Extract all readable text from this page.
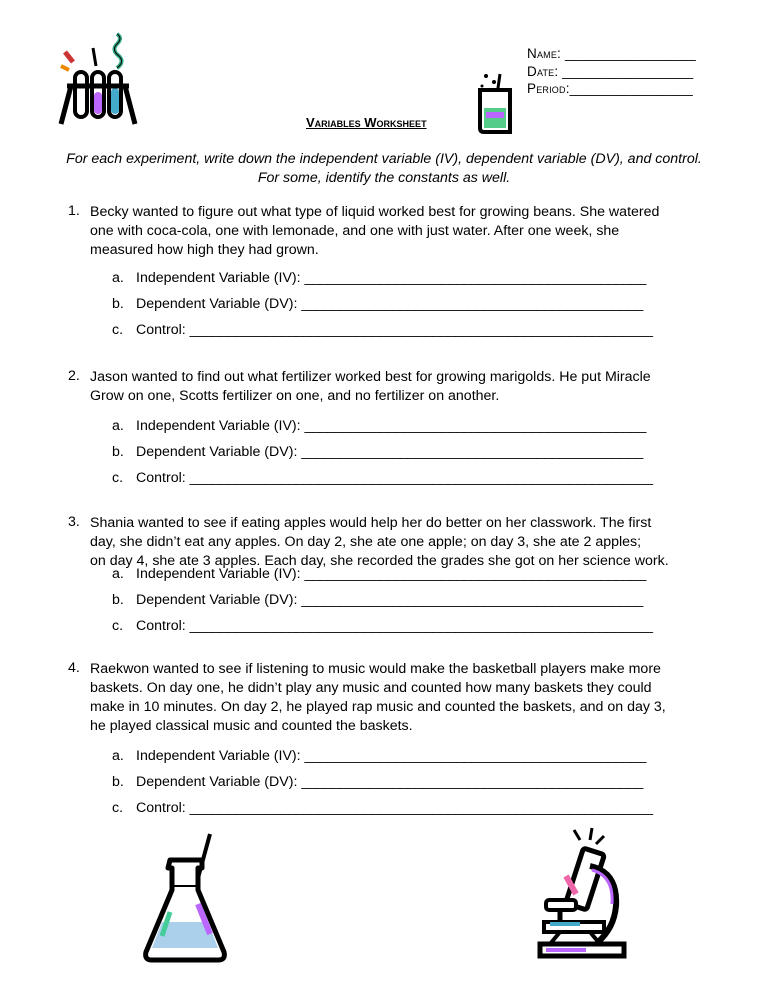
Name: _________________
Date: _________________
Period:________________
Variables Worksheet
For each experiment, write down the independent variable (IV), dependent variable (DV), and control.
For some, identify the constants as well.
1. Becky wanted to figure out what type of liquid worked best for growing beans. She watered
one with coca-cola, one with lemonade, and one with just water. After one week, she
measured how high they had grown.
a. Independent Variable (IV): _____________________________________________
b. Dependent Variable (DV): _____________________________________________
c. Control: _____________________________________________________________
2. Jason wanted to find out what fertilizer worked best for growing marigolds. He put Miracle
Grow on one, Scotts fertilizer on one, and no fertilizer on another.
a. Independent Variable (IV): _____________________________________________
b. Dependent Variable (DV): _____________________________________________
c. Control: _____________________________________________________________
3. Shania wanted to see if eating apples would help her do better on her classwork. The first
day, she didn’t eat any apples. On day 2, she ate one apple; on day 3, she ate 2 apples;
on day 4, she ate 3 apples. Each day, she recorded the grades she got on her science work.
a. Independent Variable (IV): _____________________________________________
b. Dependent Variable (DV): _____________________________________________
c. Control: _____________________________________________________________
4. Raekwon wanted to see if listening to music would make the basketball players make more
baskets. On day one, he didn’t play any music and counted how many baskets they could
make in 10 minutes. On day 2, he played rap music and counted the baskets, and on day 3,
he played classical music and counted the baskets.
a. Independent Variable (IV): _____________________________________________
b. Dependent Variable (DV): _____________________________________________
c. Control: _____________________________________________________________
